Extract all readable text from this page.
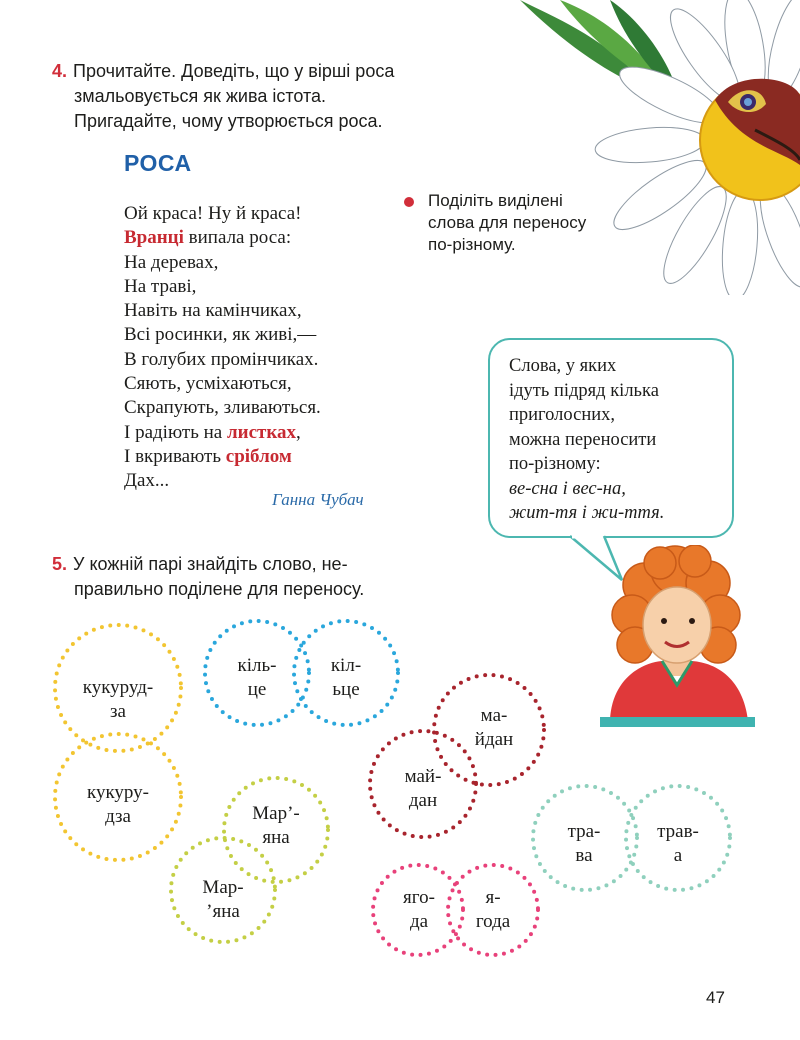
4. Прочитайте. Доведіть, що у вірші роса
змальовується як жива істота.
Пригадайте, чому утворюється роса.
РОСА
Ой краса! Ну й краса!
Вранці випала роса:
На деревах,
На траві,
Навіть на камінчиках,
Всі росинки, як живі,—
В голубих промінчиках.
Сяють, усміхаються,
Скрапують, зливаються.
І радіють на листках,
І вкривають сріблом
Дах...
Ганна Чубач
Поділіть виділені
слова для переносу
по-різному.
Слова, у яких
ідуть підряд кілька
приголосних,
можна переносити
по-різному:
ве-сна і вес-на,
жит-тя і жи-ття.
5. У кожній парі знайдіть слово, не-
правильно поділене для переносу.
кукуруд-
за
кукуру-
дза
кіль-
це
кіл-
ьце
ма-
йдан
май-
дан
Мар’-
яна
Мар-
’яна
тра-
ва
трав-
а
яго-
да
я-
года
47
